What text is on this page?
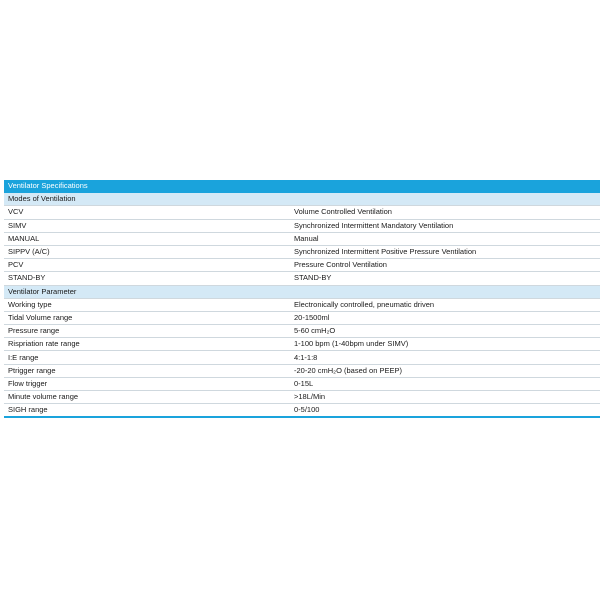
Ventilator Specifications	
Modes of Ventilation	
VCV	Volume Controlled Ventilation
SIMV	Synchronized Intermittent Mandatory Ventilation
MANUAL	Manual
SIPPV (A/C)	Synchronized Intermittent Positive Pressure Ventilation
PCV	Pressure Control Ventilation
STAND-BY	STAND-BY
Ventilator Parameter	
Working type	Electronically controlled, pneumatic driven
Tidal Volume range	20-1500ml
Pressure range	5-60 cmH₂O
Rispriation rate range	1-100 bpm (1-40bpm under SIMV)
I:E range	4:1-1:8
Ptrigger range	-20-20 cmH₂O (based on PEEP)
Flow trigger	0-15L
Minute volume range	>18L/Min
SIGH range	0-5/100
